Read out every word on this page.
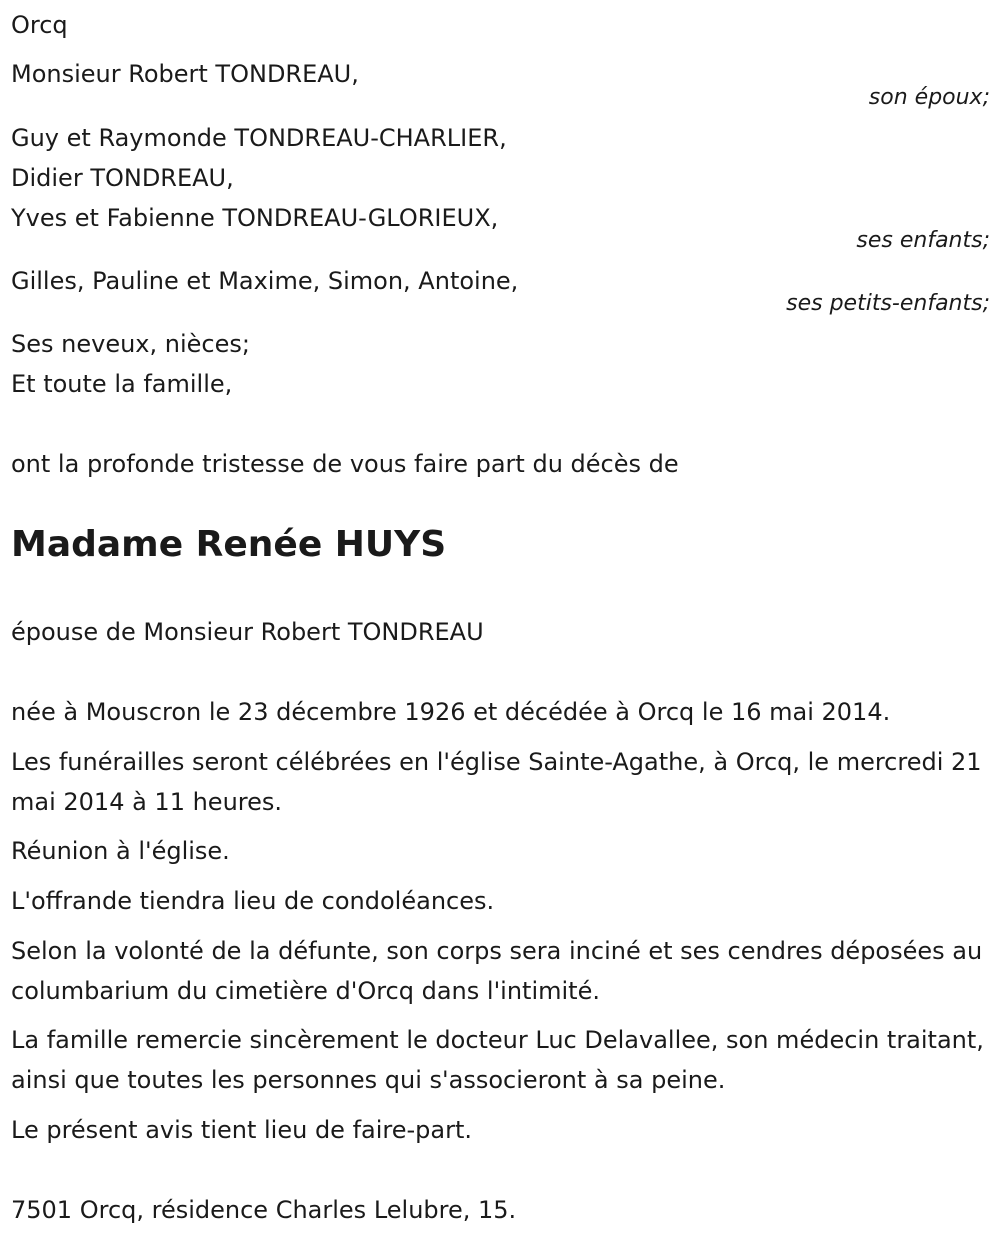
Orcq
Monsieur Robert TONDREAU,
son époux;
Guy et Raymonde TONDREAU-CHARLIER,
Didier TONDREAU,
Yves et Fabienne TONDREAU-GLORIEUX,
ses enfants;
Gilles, Pauline et Maxime, Simon, Antoine,
ses petits-enfants;
Ses neveux, nièces;
Et toute la famille,
ont la profonde tristesse de vous faire part du décès de
Madame Renée HUYS
épouse de Monsieur Robert TONDREAU
née à Mouscron le 23 décembre 1926 et décédée à Orcq le 16 mai 2014.
Les funérailles seront célébrées en l'église Sainte-Agathe, à Orcq, le mercredi 21 mai 2014 à 11 heures.
Réunion à l'église.
L'offrande tiendra lieu de condoléances.
Selon la volonté de la défunte, son corps sera inciné et ses cendres déposées au columbarium du cimetière d'Orcq dans l'intimité.
La famille remercie sincèrement le docteur Luc Delavallee, son médecin traitant, ainsi que toutes les personnes qui s'associeront à sa peine.
Le présent avis tient lieu de faire-part.
7501 Orcq, résidence Charles Lelubre, 15.
